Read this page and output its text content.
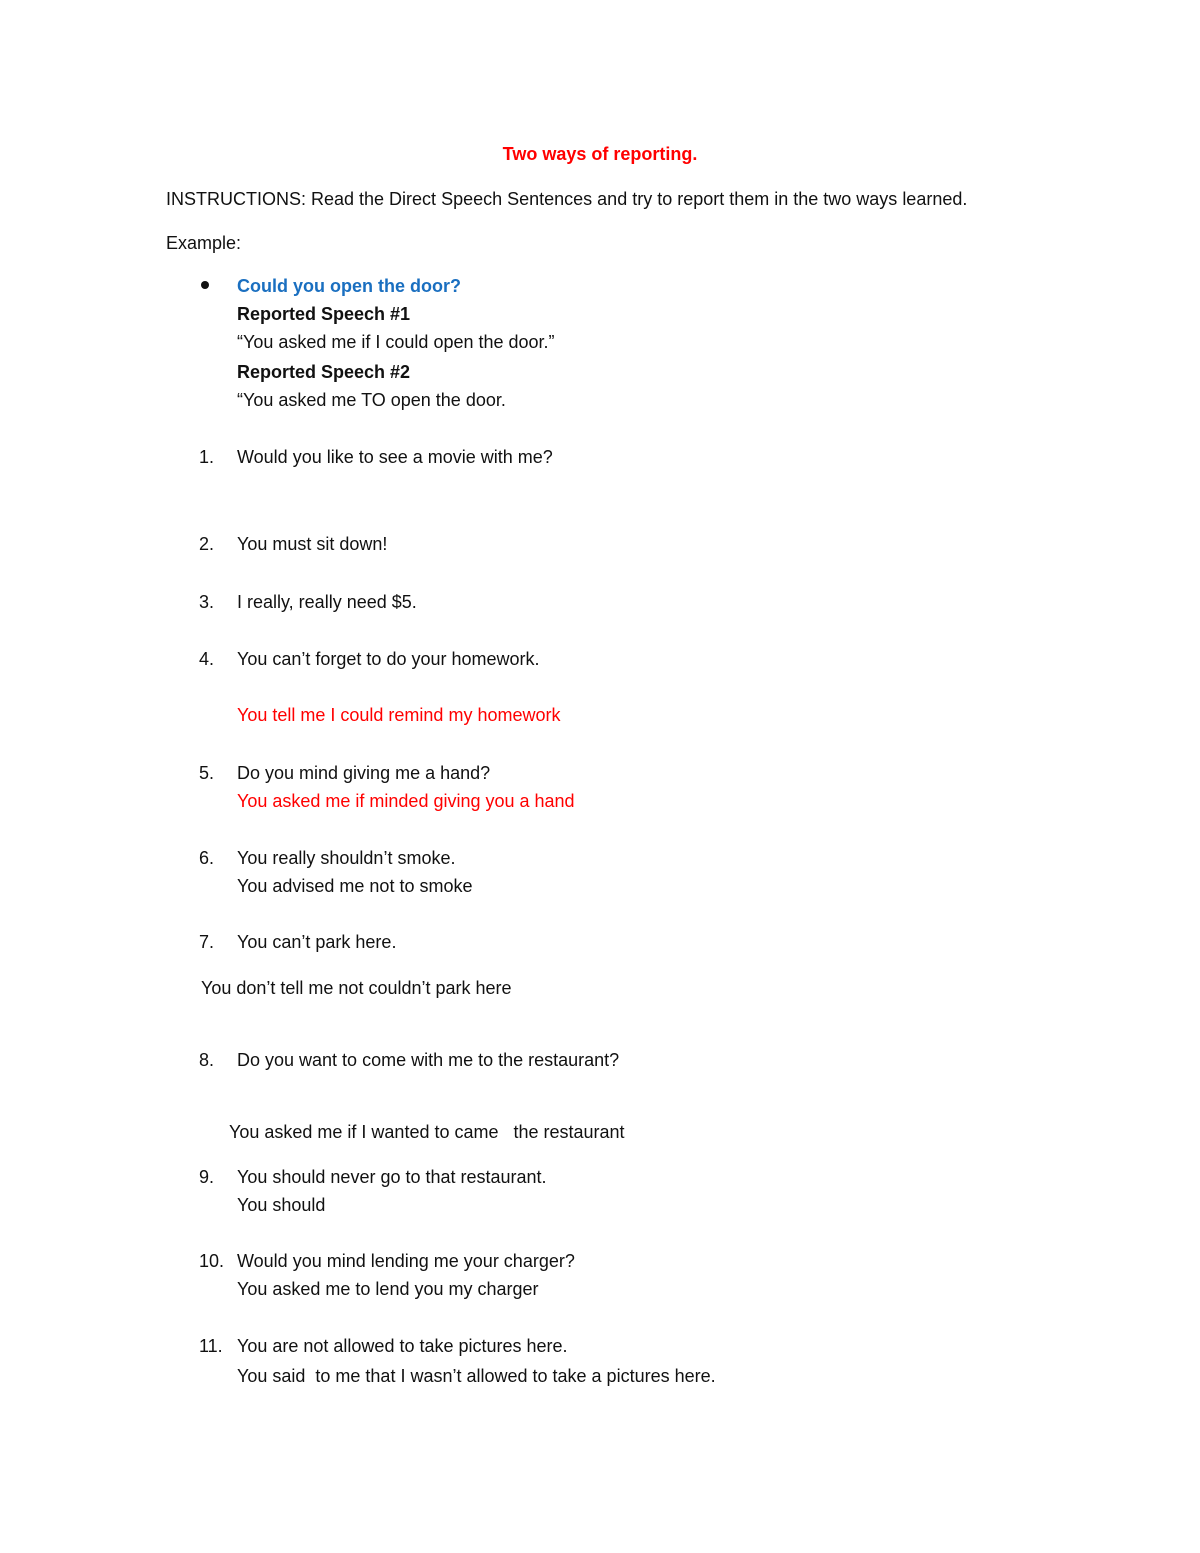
Two ways of reporting.
INSTRUCTIONS: Read the Direct Speech Sentences and try to report them in the two ways learned.
Example:
Could you open the door?
Reported Speech #1
“You asked me if I could open the door.”
Reported Speech #2
“You asked me TO open the door.
1.	Would you like to see a movie with me?
2.	You must sit down!
3.	I really, really need $5.
4.	You can’t forget to do your homework.
You tell me I could remind my homework
5.	Do you mind giving me a hand?
You asked me if minded giving you a hand
6.	You really shouldn’t smoke.
You advised me not to smoke
7.	You can’t park here.
You don’t tell me not couldn’t park here
8.	Do you want to come with me to the restaurant?
You asked me if I wanted to came   the restaurant
9.	You should never go to that restaurant.
You should
10. Would you mind lending me your charger?
You asked me to lend you my charger
11. You are not allowed to take pictures here.
You said  to me that I wasn’t allowed to take a pictures here.
